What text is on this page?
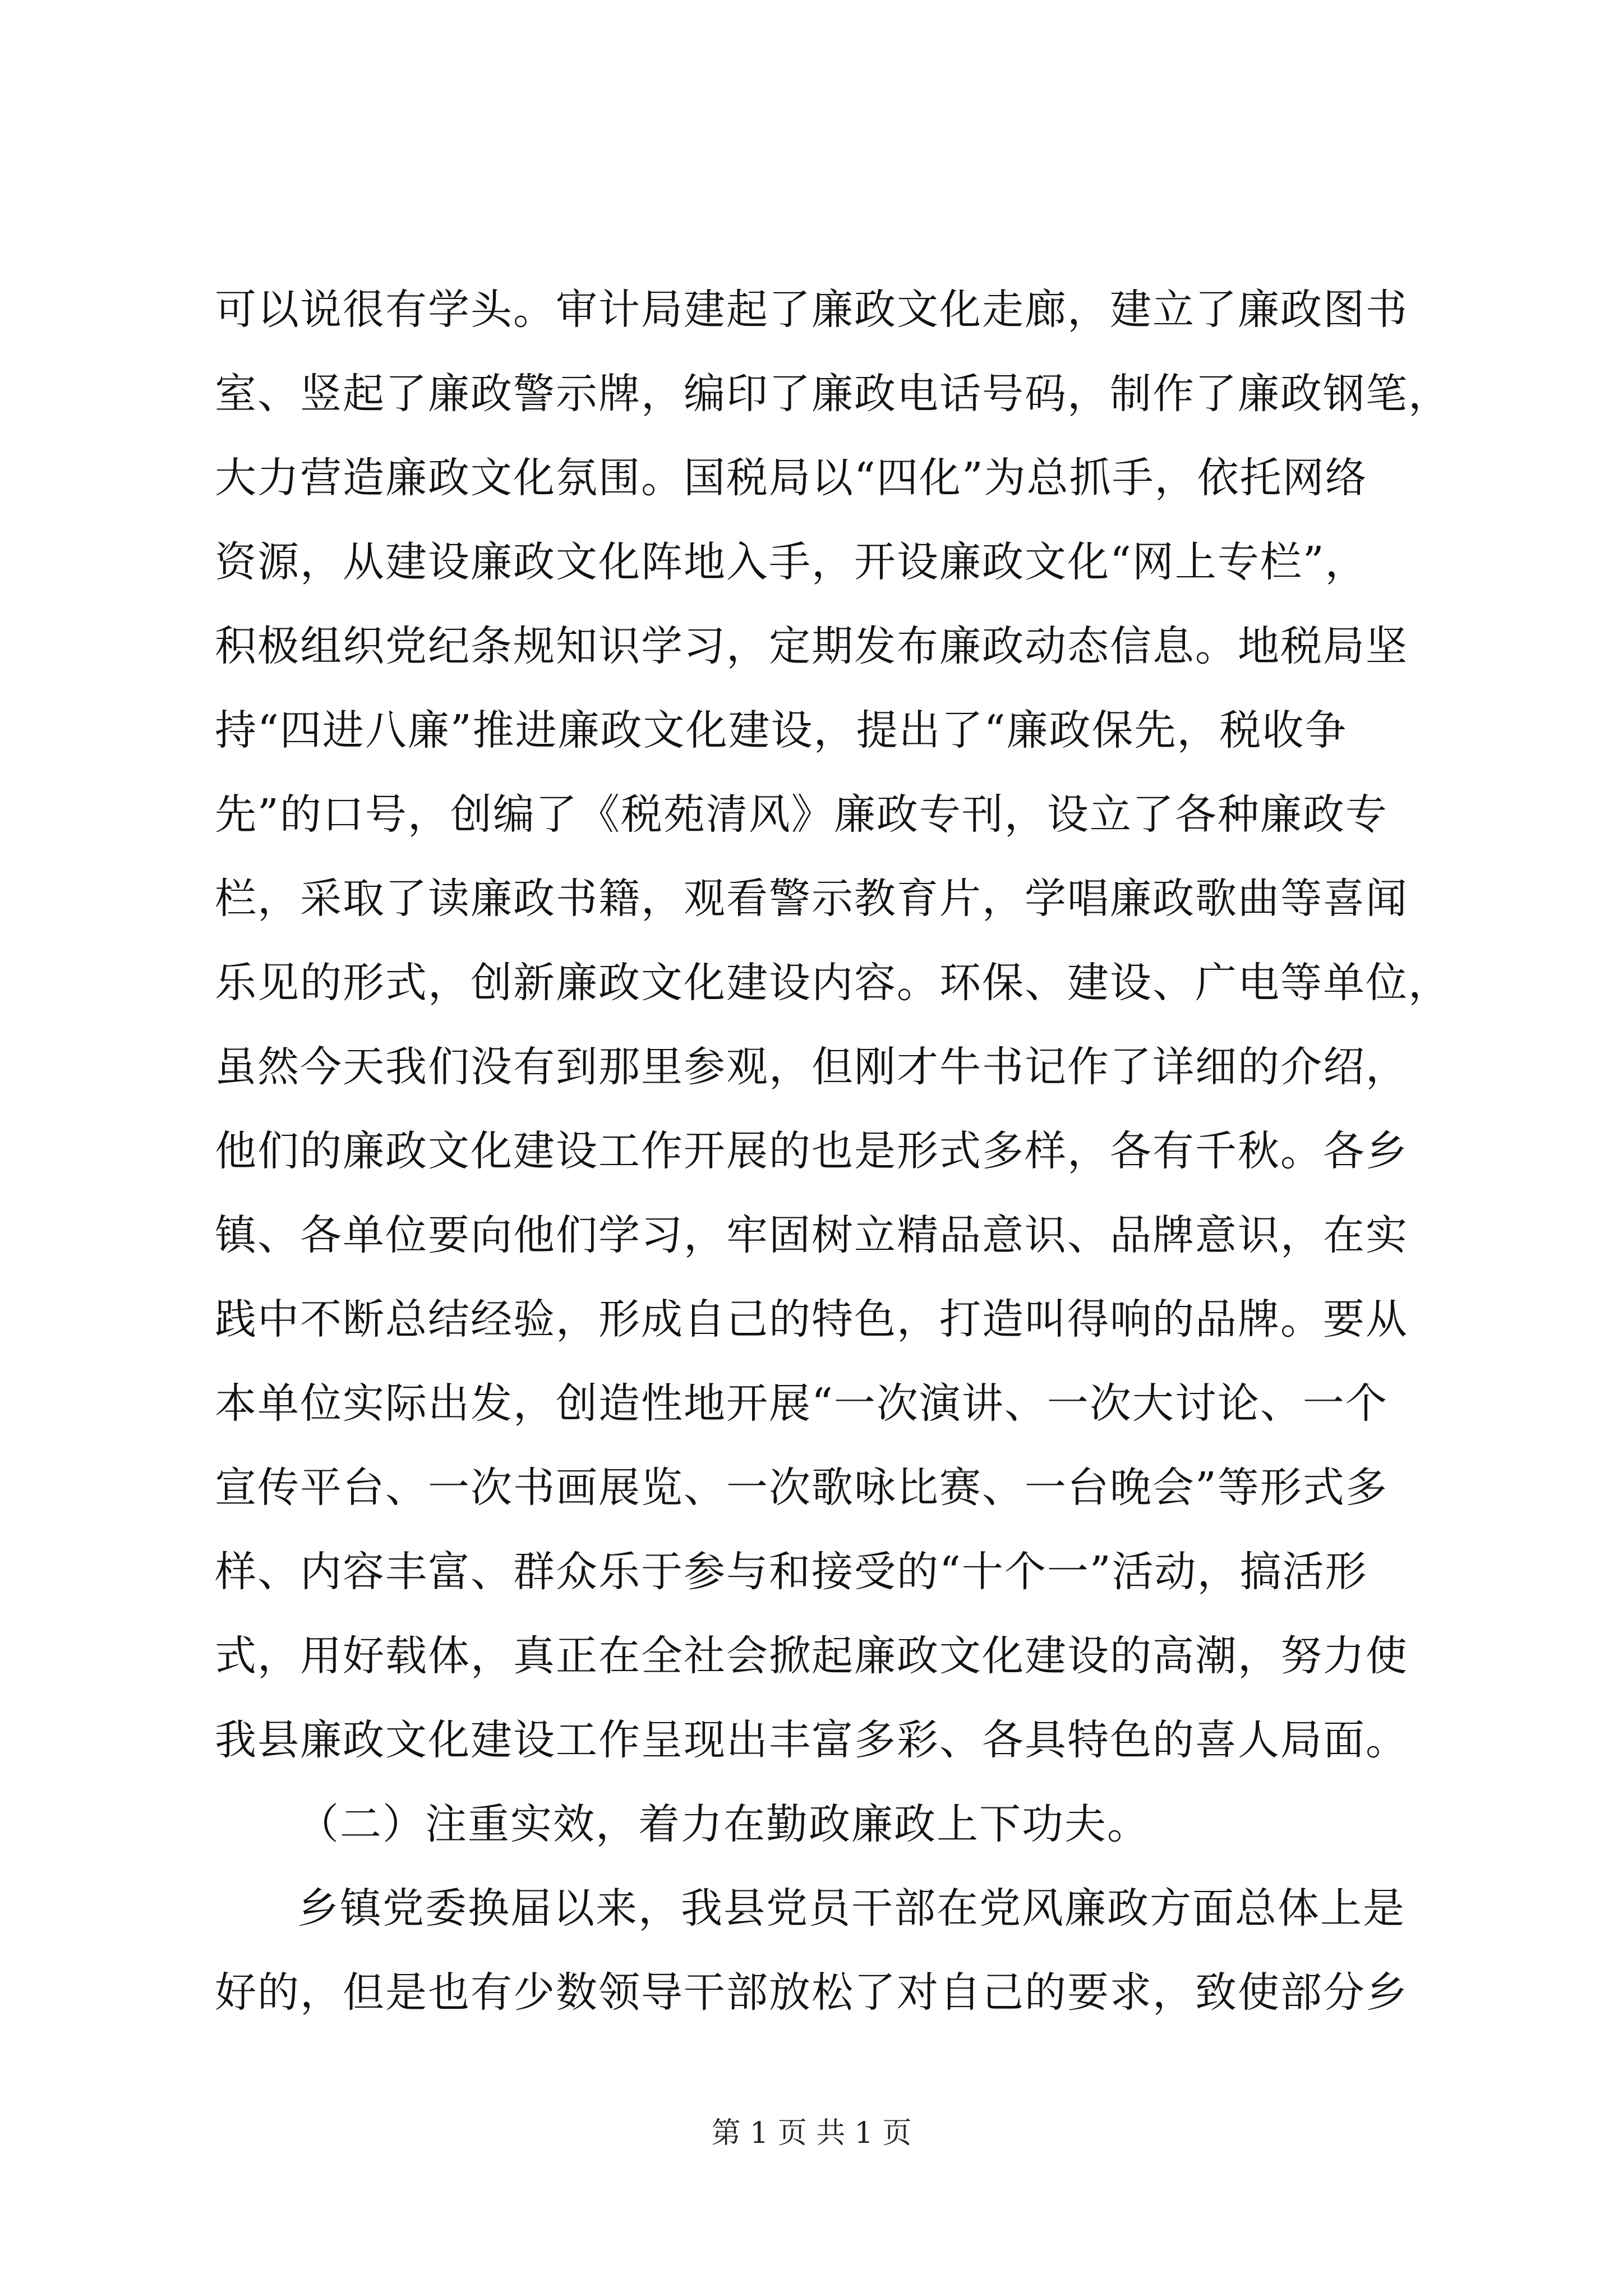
可以说很有学头。审计局建起了廉政文化走廊，建立了廉政图书
室、竖起了廉政警示牌，编印了廉政电话号码，制作了廉政钢笔，
大力营造廉政文化氛围。国税局以“四化”为总抓手，依托网络
资源，从建设廉政文化阵地入手，开设廉政文化“网上专栏”，
积极组织党纪条规知识学习，定期发布廉政动态信息。地税局坚
持“四进八廉”推进廉政文化建设，提出了“廉政保先，税收争
先”的口号，创编了《税苑清风》廉政专刊，设立了各种廉政专
栏，采取了读廉政书籍，观看警示教育片，学唱廉政歌曲等喜闻
乐见的形式，创新廉政文化建设内容。环保、建设、广电等单位，
虽然今天我们没有到那里参观，但刚才牛书记作了详细的介绍，
他们的廉政文化建设工作开展的也是形式多样，各有千秋。各乡
镇、各单位要向他们学习，牢固树立精品意识、品牌意识，在实
践中不断总结经验，形成自己的特色，打造叫得响的品牌。要从
本单位实际出发，创造性地开展“一次演讲、一次大讨论、一个
宣传平台、一次书画展览、一次歌咏比赛、一台晚会”等形式多
样、内容丰富、群众乐于参与和接受的“十个一”活动，搞活形
式，用好载体，真正在全社会掀起廉政文化建设的高潮，努力使
我县廉政文化建设工作呈现出丰富多彩、各具特色的喜人局面。
（二）注重实效，着力在勤政廉政上下功夫。
乡镇党委换届以来，我县党员干部在党风廉政方面总体上是
好的，但是也有少数领导干部放松了对自己的要求，致使部分乡
第 1 页 共 1 页
